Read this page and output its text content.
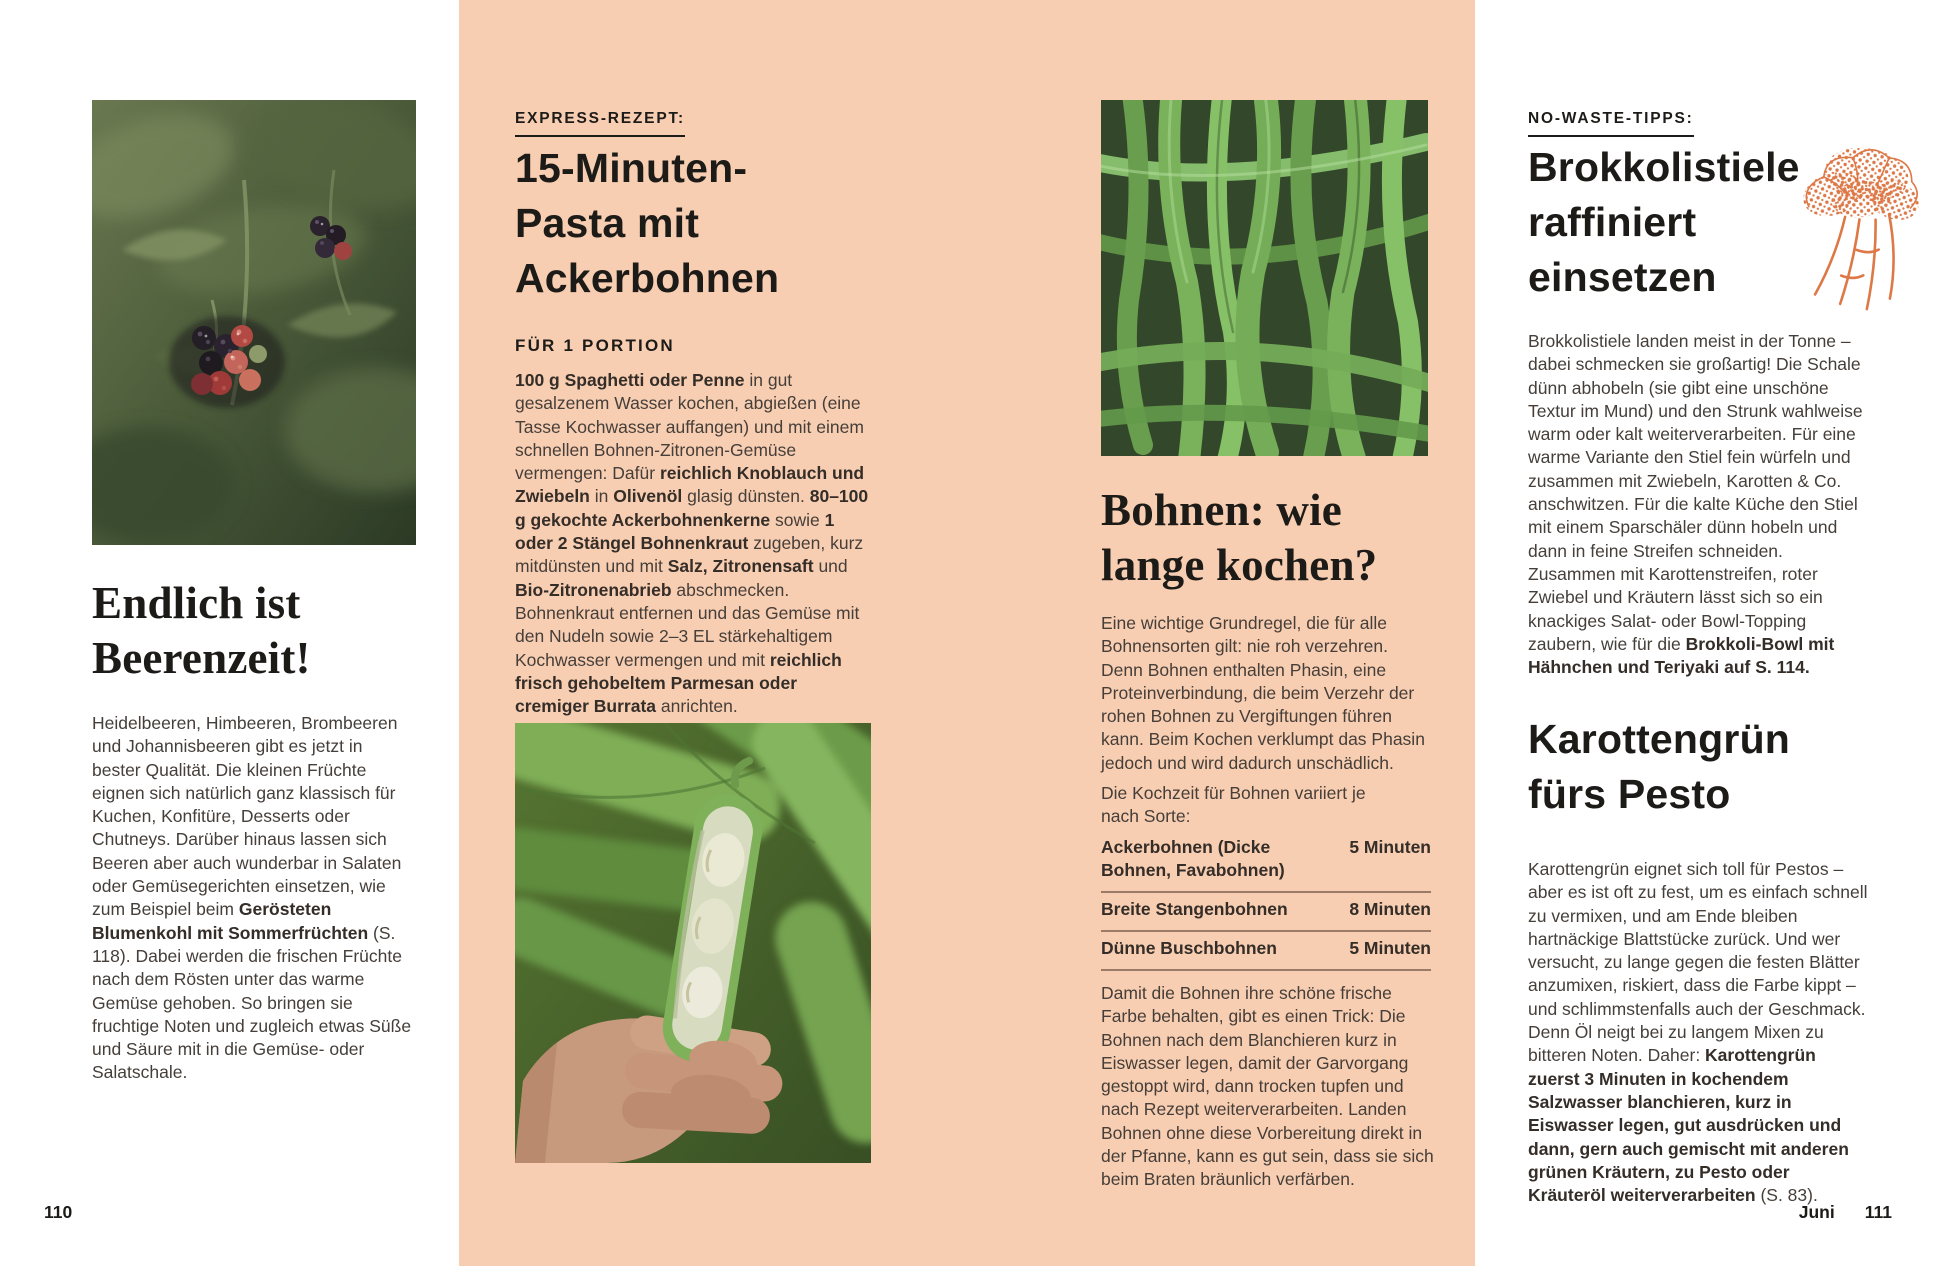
Endlich ist
Beerenzeit!
Heidelbeeren, Himbeeren, Brombeeren und Johannisbeeren gibt es jetzt in bester Qualität. Die kleinen Früchte eignen sich natürlich ganz klassisch für Kuchen, Konfitüre, Desserts oder Chutneys. Darüber hinaus lassen sich Beeren aber auch wunderbar in Salaten oder Gemüsegerichten einsetzen, wie zum Beispiel beim Gerösteten Blumenkohl mit Sommerfrüchten (S. 118). Dabei werden die frischen Früchte nach dem Rösten unter das warme Gemüse gehoben. So bringen sie fruchtige Noten und zugleich etwas Süße und Säure mit in die Gemüse- oder Salatschale.
110
EXPRESS-REZEPT:
15-Minuten-
Pasta mit
Ackerbohnen
FÜR 1 PORTION
100 g Spaghetti oder Penne in gut gesalzenem Wasser kochen, abgießen (eine Tasse Kochwasser auffangen) und mit einem schnellen Bohnen-Zitronen-Gemüse vermengen: Dafür reichlich Knoblauch und Zwiebeln in Olivenöl glasig dünsten. 80–100 g gekochte Ackerbohnenkerne sowie 1 oder 2 Stängel Bohnenkraut zugeben, kurz mitdünsten und mit Salz, Zitronensaft und Bio-Zitronenabrieb abschmecken. Bohnenkraut entfernen und das Gemüse mit den Nudeln sowie 2–3 EL stärkehaltigem Kochwasser vermengen und mit reichlich frisch gehobeltem Parmesan oder cremiger Burrata anrichten.
Bohnen: wie
lange kochen?
Eine wichtige Grundregel, die für alle Bohnensorten gilt: nie roh verzehren. Denn Bohnen enthalten Phasin, eine Proteinverbindung, die beim Verzehr der rohen Bohnen zu Vergiftungen führen kann. Beim Kochen verklumpt das Phasin jedoch und wird dadurch unschädlich.
Die Kochzeit für Bohnen variiert je nach Sorte:
Ackerbohnen (Dicke Bohnen, Favabohnen)
5 Minuten
Breite Stangenbohnen	8 Minuten
Dünne Buschbohnen	5 Minuten
Damit die Bohnen ihre schöne frische Farbe behalten, gibt es einen Trick: Die Bohnen nach dem Blanchieren kurz in Eiswasser legen, damit der Garvorgang gestoppt wird, dann trocken tupfen und nach Rezept weiterverarbeiten. Landen Bohnen ohne diese Vorbereitung direkt in der Pfanne, kann es gut sein, dass sie sich beim Braten bräunlich verfärben.
NO-WASTE-TIPPS:
Brokkolistiele
raffiniert
einsetzen
Brokkolistiele landen meist in der Tonne – dabei schmecken sie großartig! Die Schale dünn abhobeln (sie gibt eine unschöne Textur im Mund) und den Strunk wahlweise warm oder kalt weiterverarbeiten. Für eine warme Variante den Stiel fein würfeln und zusammen mit Zwiebeln, Karotten & Co. anschwitzen. Für die kalte Küche den Stiel mit einem Sparschäler dünn hobeln und dann in feine Streifen schneiden. Zusammen mit Karottenstreifen, roter Zwiebel und Kräutern lässt sich so ein knackiges Salat- oder Bowl-Topping zaubern, wie für die Brokkoli-Bowl mit Hähnchen und Teriyaki auf S. 114.
Karottengrün
fürs Pesto
Karottengrün eignet sich toll für Pestos – aber es ist oft zu fest, um es einfach schnell zu vermixen, und am Ende bleiben hartnäckige Blattstücke zurück. Und wer versucht, zu lange gegen die festen Blätter anzumixen, riskiert, dass die Farbe kippt – und schlimmstenfalls auch der Geschmack. Denn Öl neigt bei zu langem Mixen zu bitteren Noten. Daher: Karottengrün zuerst 3 Minuten in kochendem Salzwasser blanchieren, kurz in Eiswasser legen, gut ausdrücken und dann, gern auch gemischt mit anderen grünen Kräutern, zu Pesto oder Kräuteröl weiterverarbeiten (S. 83).
Juni 111
